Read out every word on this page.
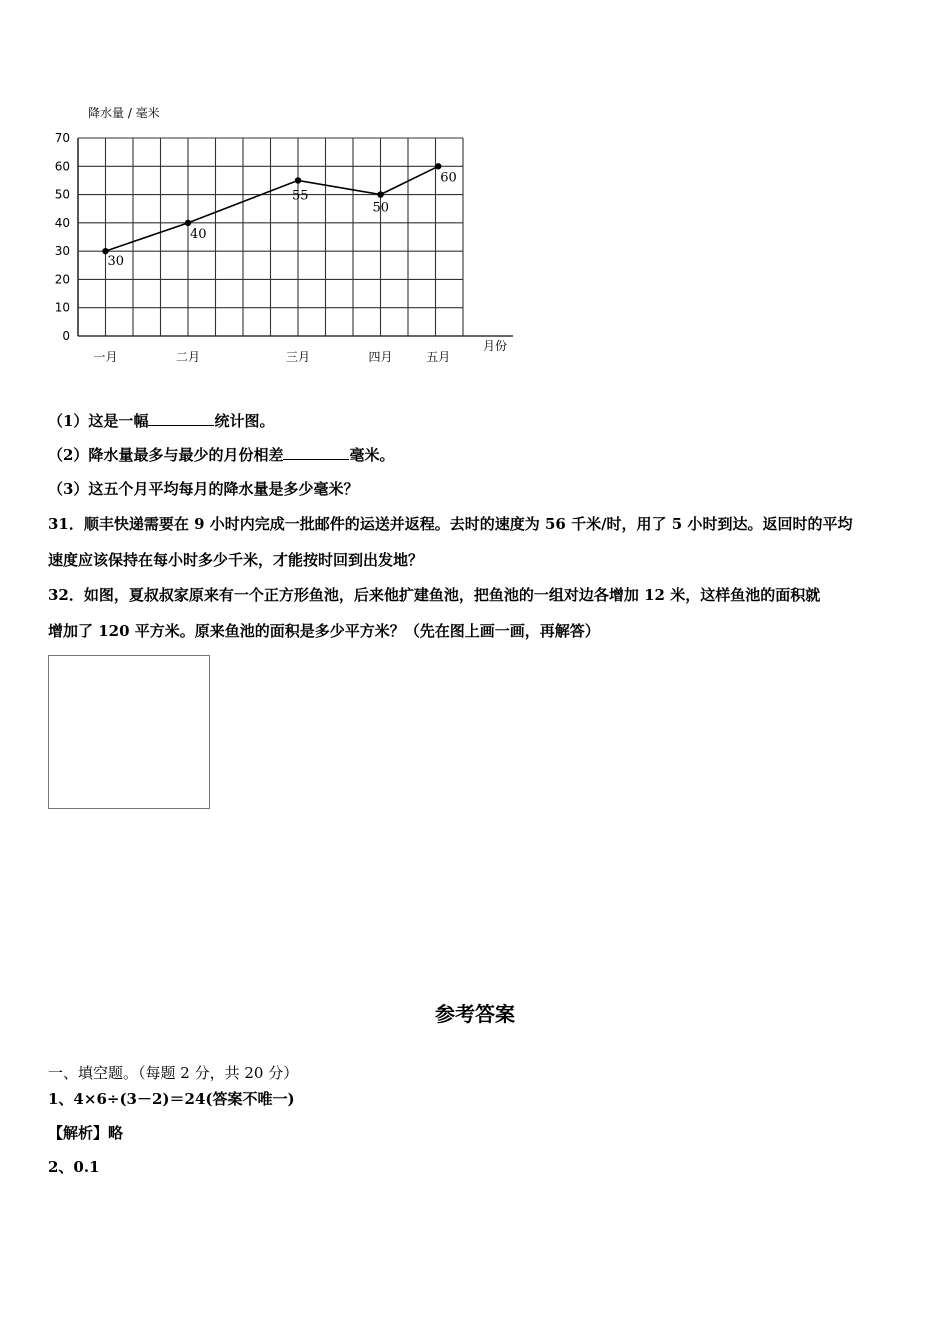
0
10
20
30
40
50
60
70
降水量 / 毫米
月份
一月	二月	三月	四月	五月
30
40
55
50
60
（1）这是一幅	统计图。
（2）降水量最多与最少的月份相差	毫米。
（3）这五个月平均每月的降水量是多少毫米？
31．顺丰快递需要在 9 小时内完成一批邮件的运送并返程。去时的速度为 56 千米/时，用了 5 小时到达。返回时的平均
速度应该保持在每小时多少千米，才能按时回到出发地？
32．如图，夏叔叔家原来有一个正方形鱼池，后来他扩建鱼池，把鱼池的一组对边各增加 12 米，这样鱼池的面积就
增加了 120 平方米。原来鱼池的面积是多少平方米？（先在图上画一画，再解答）
参考答案
一、填空题。（每题 2 分，共 20 分）
1、4×6÷(3－2)＝24(答案不唯一)
【解析】略
2、0.1
